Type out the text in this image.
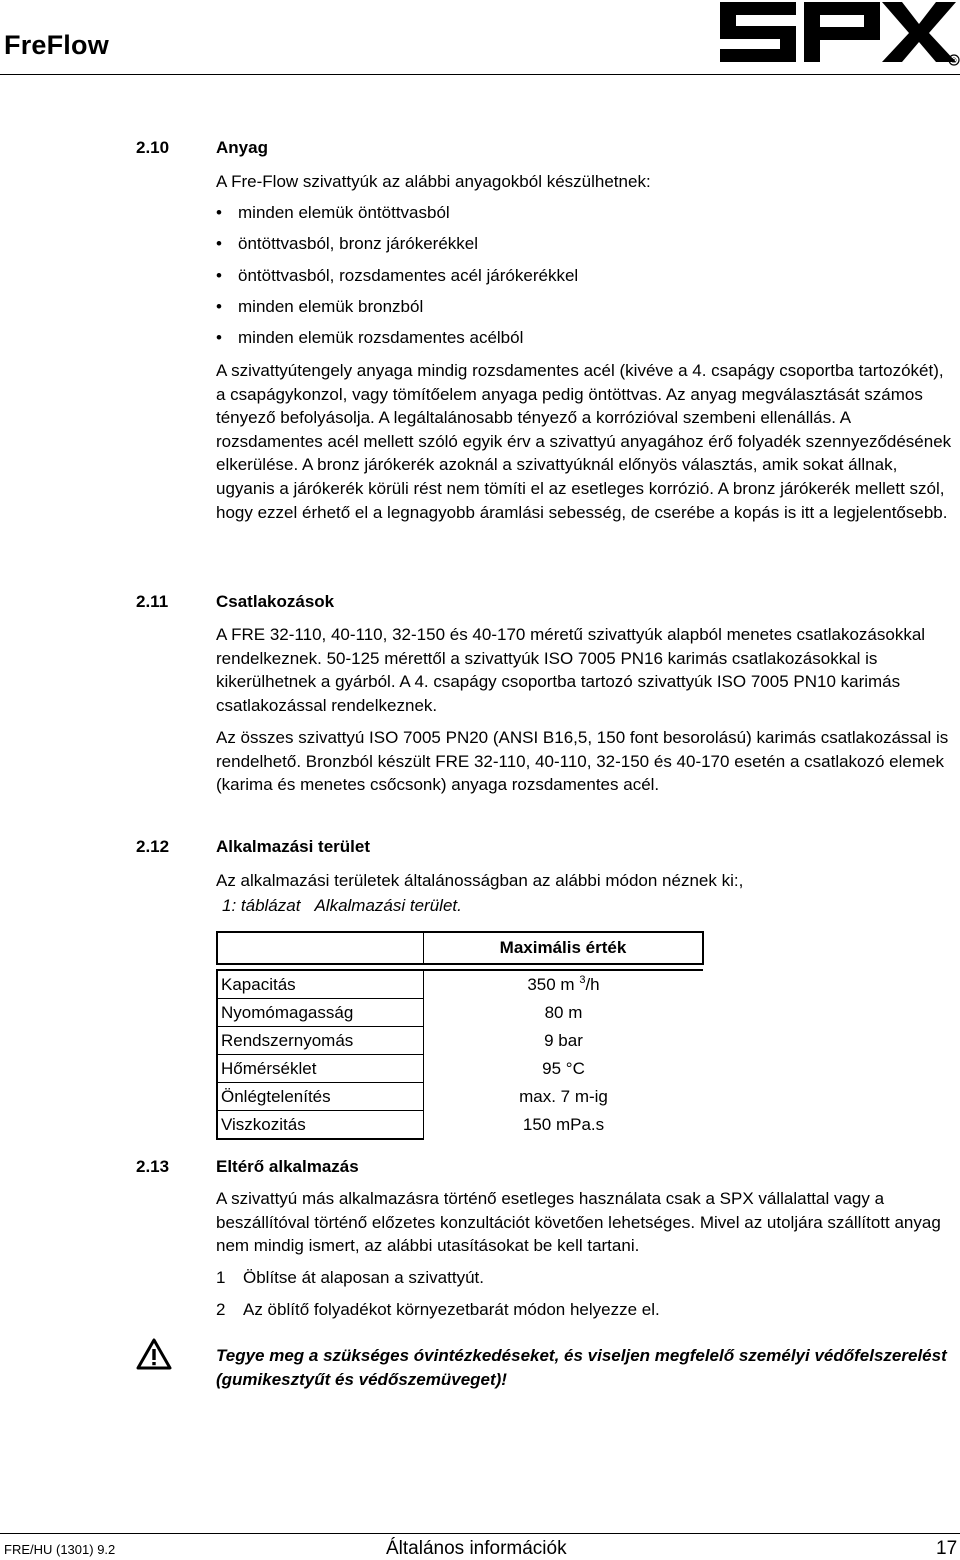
FreFlow
®
2.10	Anyag
A Fre-Flow szivattyúk az alábbi anyagokból készülhetnek:
• minden elemük öntöttvasból
• öntöttvasból, bronz járókerékkel
• öntöttvasból, rozsdamentes acél járókerékkel
• minden elemük bronzból
• minden elemük rozsdamentes acélból
A szivattyútengely anyaga mindig rozsdamentes acél (kivéve a 4. csapágy csoportba tartozókét), a csapágykonzol, vagy tömítőelem anyaga pedig öntöttvas. Az anyag megválasztását számos tényező befolyásolja. A legáltalánosabb tényező a korrózióval szembeni ellenállás. A rozsdamentes acél mellett szóló egyik érv a szivattyú anyagához érő folyadék szennyeződésének elkerülése. A bronz járókerék azoknál a szivattyúknál előnyös választás, amik sokat állnak, ugyanis a járókerék körüli rést nem tömíti el az esetleges korrózió. A bronz járókerék mellett szól, hogy ezzel érhető el a legnagyobb áramlási sebesség, de cserébe a kopás is itt a legjelentősebb.
2.11	Csatlakozások
A FRE 32-110, 40-110, 32-150 és 40-170 méretű szivattyúk alapból menetes csatlakozásokkal rendelkeznek. 50-125 mérettől a szivattyúk ISO 7005 PN16 karimás csatlakozásokkal is kikerülhetnek a gyárból. A 4. csapágy csoportba tartozó szivattyúk ISO 7005 PN10 karimás csatlakozással rendelkeznek.
Az összes szivattyú ISO 7005 PN20 (ANSI B16,5, 150 font besorolású) karimás csatlakozással is rendelhető. Bronzból készült FRE 32-110, 40-110, 32-150 és 40-170 esetén a csatlakozó elemek (karima és menetes csőcsonk) anyaga rozsdamentes acél.
2.12	Alkalmazási terület
Az alkalmazási területek általánosságban az alábbi módon néznek ki:,
1: táblázat Alkalmazási terület.
	Maximális érték

Kapacitás	350 m $^3$/h
Nyomómagasság	80 m
Rendszernyomás	9 bar
Hőmérséklet	95 °C
Önlégtelenítés	max. 7 m-ig
Viszkozitás	150 mPa.s
2.13	Eltérő alkalmazás
A szivattyú más alkalmazásra történő esetleges használata csak a SPX vállalattal vagy a beszállítóval történő előzetes konzultációt követően lehetséges. Mivel az utoljára szállított anyag nem mindig ismert, az alábbi utasításokat be kell tartani.
1 Öblítse át alaposan a szivattyút.
2 Az öblítő folyadékot környezetbarát módon helyezze el.
Tegye meg a szükséges óvintézkedéseket, és viseljen megfelelő személyi védőfelszerelést (gumikesztyűt és védőszemüveget)!
FRE/HU (1301) 9.2	Általános információk	17
